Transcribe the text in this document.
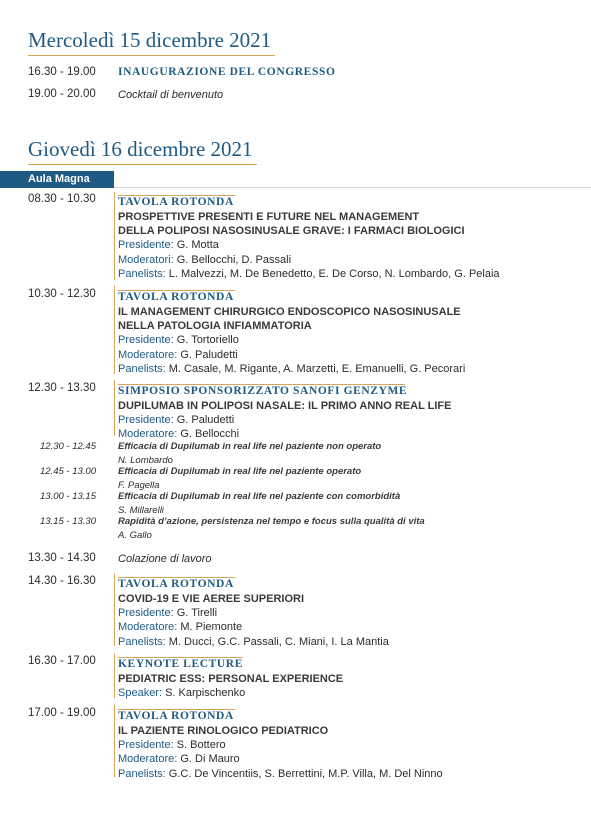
Mercoledì 15 dicembre 2021
16.30 - 19.00 INAUGURAZIONE DEL CONGRESSO
19.00 - 20.00 Cocktail di benvenuto
Giovedì 16 dicembre 2021
Aula Magna
08.30 - 10.30 TAVOLA ROTONDA
PROSPETTIVE PRESENTI E FUTURE NEL MANAGEMENT
DELLA POLIPOSI NASOSINUSALE GRAVE: I FARMACI BIOLOGICI
Presidente: G. Motta
Moderatori: G. Bellocchi, D. Passali
Panelists: L. Malvezzi, M. De Benedetto, E. De Corso, N. Lombardo, G. Pelaia
10.30 - 12.30 TAVOLA ROTONDA
IL MANAGEMENT CHIRURGICO ENDOSCOPICO NASOSINUSALE
NELLA PATOLOGIA INFIAMMATORIA
Presidente: G. Tortoriello
Moderatore: G. Paludetti
Panelists: M. Casale, M. Rigante, A. Marzetti, E. Emanuelli, G. Pecorari
12.30 - 13.30 SIMPOSIO SPONSORIZZATO SANOFI GENZYME
DUPILUMAB IN POLIPOSI NASALE: IL PRIMO ANNO REAL LIFE
Presidente: G. Paludetti
Moderatore: G. Bellocchi
12.30 - 12.45 Efficacia di Dupilumab in real life nel paziente non operato
N. Lombardo
12.45 - 13.00 Efficacia di Dupilumab in real life nel paziente operato
F. Pagella
13.00 - 13.15 Efficacia di Dupilumab in real life nel paziente con comorbidità
S. Millarelli
13.15 - 13.30 Rapidità d’azione, persistenza nel tempo e focus sulla qualità di vita
A. Gallo
13.30 - 14.30 Colazione di lavoro
14.30 - 16.30 TAVOLA ROTONDA
COVID-19 E VIE AEREE SUPERIORI
Presidente: G. Tirelli
Moderatore: M. Piemonte
Panelists: M. Ducci, G.C. Passali, C. Miani, I. La Mantia
16.30 - 17.00 KEYNOTE LECTURE
PEDIATRIC ESS: PERSONAL EXPERIENCE
Speaker: S. Karpischenko
17.00 - 19.00 TAVOLA ROTONDA
IL PAZIENTE RINOLOGICO PEDIATRICO
Presidente: S. Bottero
Moderatore: G. Di Mauro
Panelists: G.C. De Vincentiis, S. Berrettini, M.P. Villa, M. Del Ninno
